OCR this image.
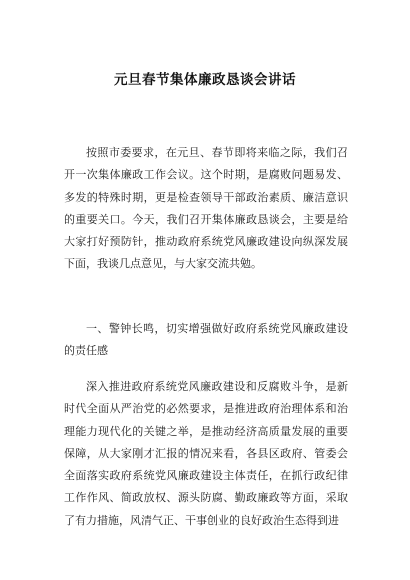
元旦春节集体廉政恳谈会讲话

按照市委要求，在元旦、春节即将来临之际，我们召开一次集体廉政工作会议。这个时期，是腐败问题易发、多发的特殊时期，更是检查领导干部政治素质、廉洁意识的重要关口。今天，我们召开集体廉政恳谈会，主要是给大家打好预防针，推动政府系统党风廉政建设向纵深发展下面，我谈几点意见，与大家交流共勉。

一、警钟长鸣，切实增强做好政府系统党风廉政建设的责任感

深入推进政府系统党风廉政建设和反腐败斗争，是新时代全面从严治党的必然要求，是推进政府治理体系和治理能力现代化的关键之举，是推动经济高质量发展的重要保障，从大家刚才汇报的情况来看，各县区政府、管委会全面落实政府系统党风廉政建设主体责任，在抓行政纪律工作作风、简政放权、源头防腐、勤政廉政等方面，采取了有力措施，风清气正、干事创业的良好政治生态得到进
